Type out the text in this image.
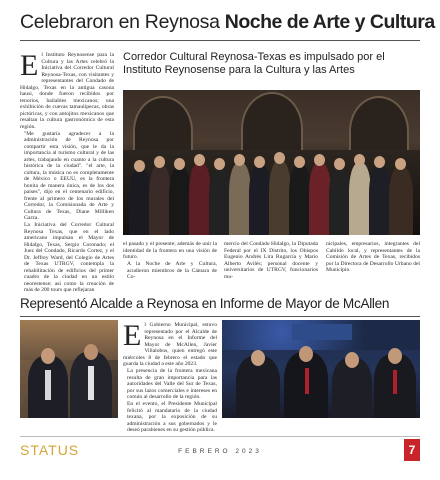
Celebraron en Reynosa Noche de Arte y Cultura

El Instituto Reynosense para la Cultura y las Artes celebró la Iniciativa del Corredor Cultural Reynosa-Texas, con visitantes y representantes del Condado de Hidalgo, Texas en la antigua casona hausi, donde fueron recibidos por tenorios, bailables mexicanos; una exhibición de cuevas tamaulipecas, obras pictóricas, y con antojitos mexicanos que resaltan la cultura gastronómica de esta región.

"Me gustaría agradecer a la administración de Reynosa por compartir esta visión, que le da la importancia al turismo cultural y de las artes, trabajando en cuanto a la cultura histórica de la ciudad". "el arte, la cultura, la música no es completamente de México o EEUU, es la frontera bonita de manera única, es de los dos países", dijo en el centenario edificio, frente al primero de los murales del Corredor, la Comisionada de Arte y Cultura de Texas, Diane Milliken Garza.

La Iniciativa del Corredor Cultural Reynosa Texas, que en el lado americano impulsan el Mayor de Hidalgo, Texas, Sergio Coronado; el Juez del Condado, Ricardo Cortez, y el Dr. Jeffrey Ward, del Colegio de Artes de Texas UTRGV, contempla la rehabilitación de edificios del primer cuadro de la ciudad en un estilo neorestense; así como la creación de más de 200 tours que reflejaran

Corredor Cultural Reynosa-Texas es impulsado por el Instituto Reynosense para la Cultura y las Artes

el pasado y el presente; además de unir la identidad de la frontera en una visión de futuro.

A la Noche de Arte y Cultura, acudieron miembros de la Cámara de Co-

mercio del Condado Hidalgo, la Diputada Federal por el IX Distrito, los Obispos Eugenio Andrés Lira Rugarcía y Mario Alberto Avilés; personal docente y universitarios de UTRGV, funcionarios mu-

nicipales, empresarios, integrantes del Cabildo local, y representantes de la Comisión de Artes de Texas, recibidos por la Directora de Desarrollo Urbano del Municipio.

Representó Alcalde a Reynosa en Informe de Mayor de McAllen

El Gobierno Municipal, estuvo representado por el Alcalde de Reynosa en el Informe del Mayor de McAllen, Javier Villalobos, quien entregó este miércoles 8 de febrero el estado que guarda la ciudad a este año 2023.

La presencia de la frontera mexicana resulta de gran importancia para las autoridades del Valle del Sur de Texas, por sus lazos comerciales e intereses en común al desarrollo de la región.

En el evento, el Presidente Municipal felicitó al mandatario de la ciudad texana, por la exposición de su administración a sus gobernados y le deseó parabienes en su gestión pública.

STATUS	FEBRERO 2023	7
